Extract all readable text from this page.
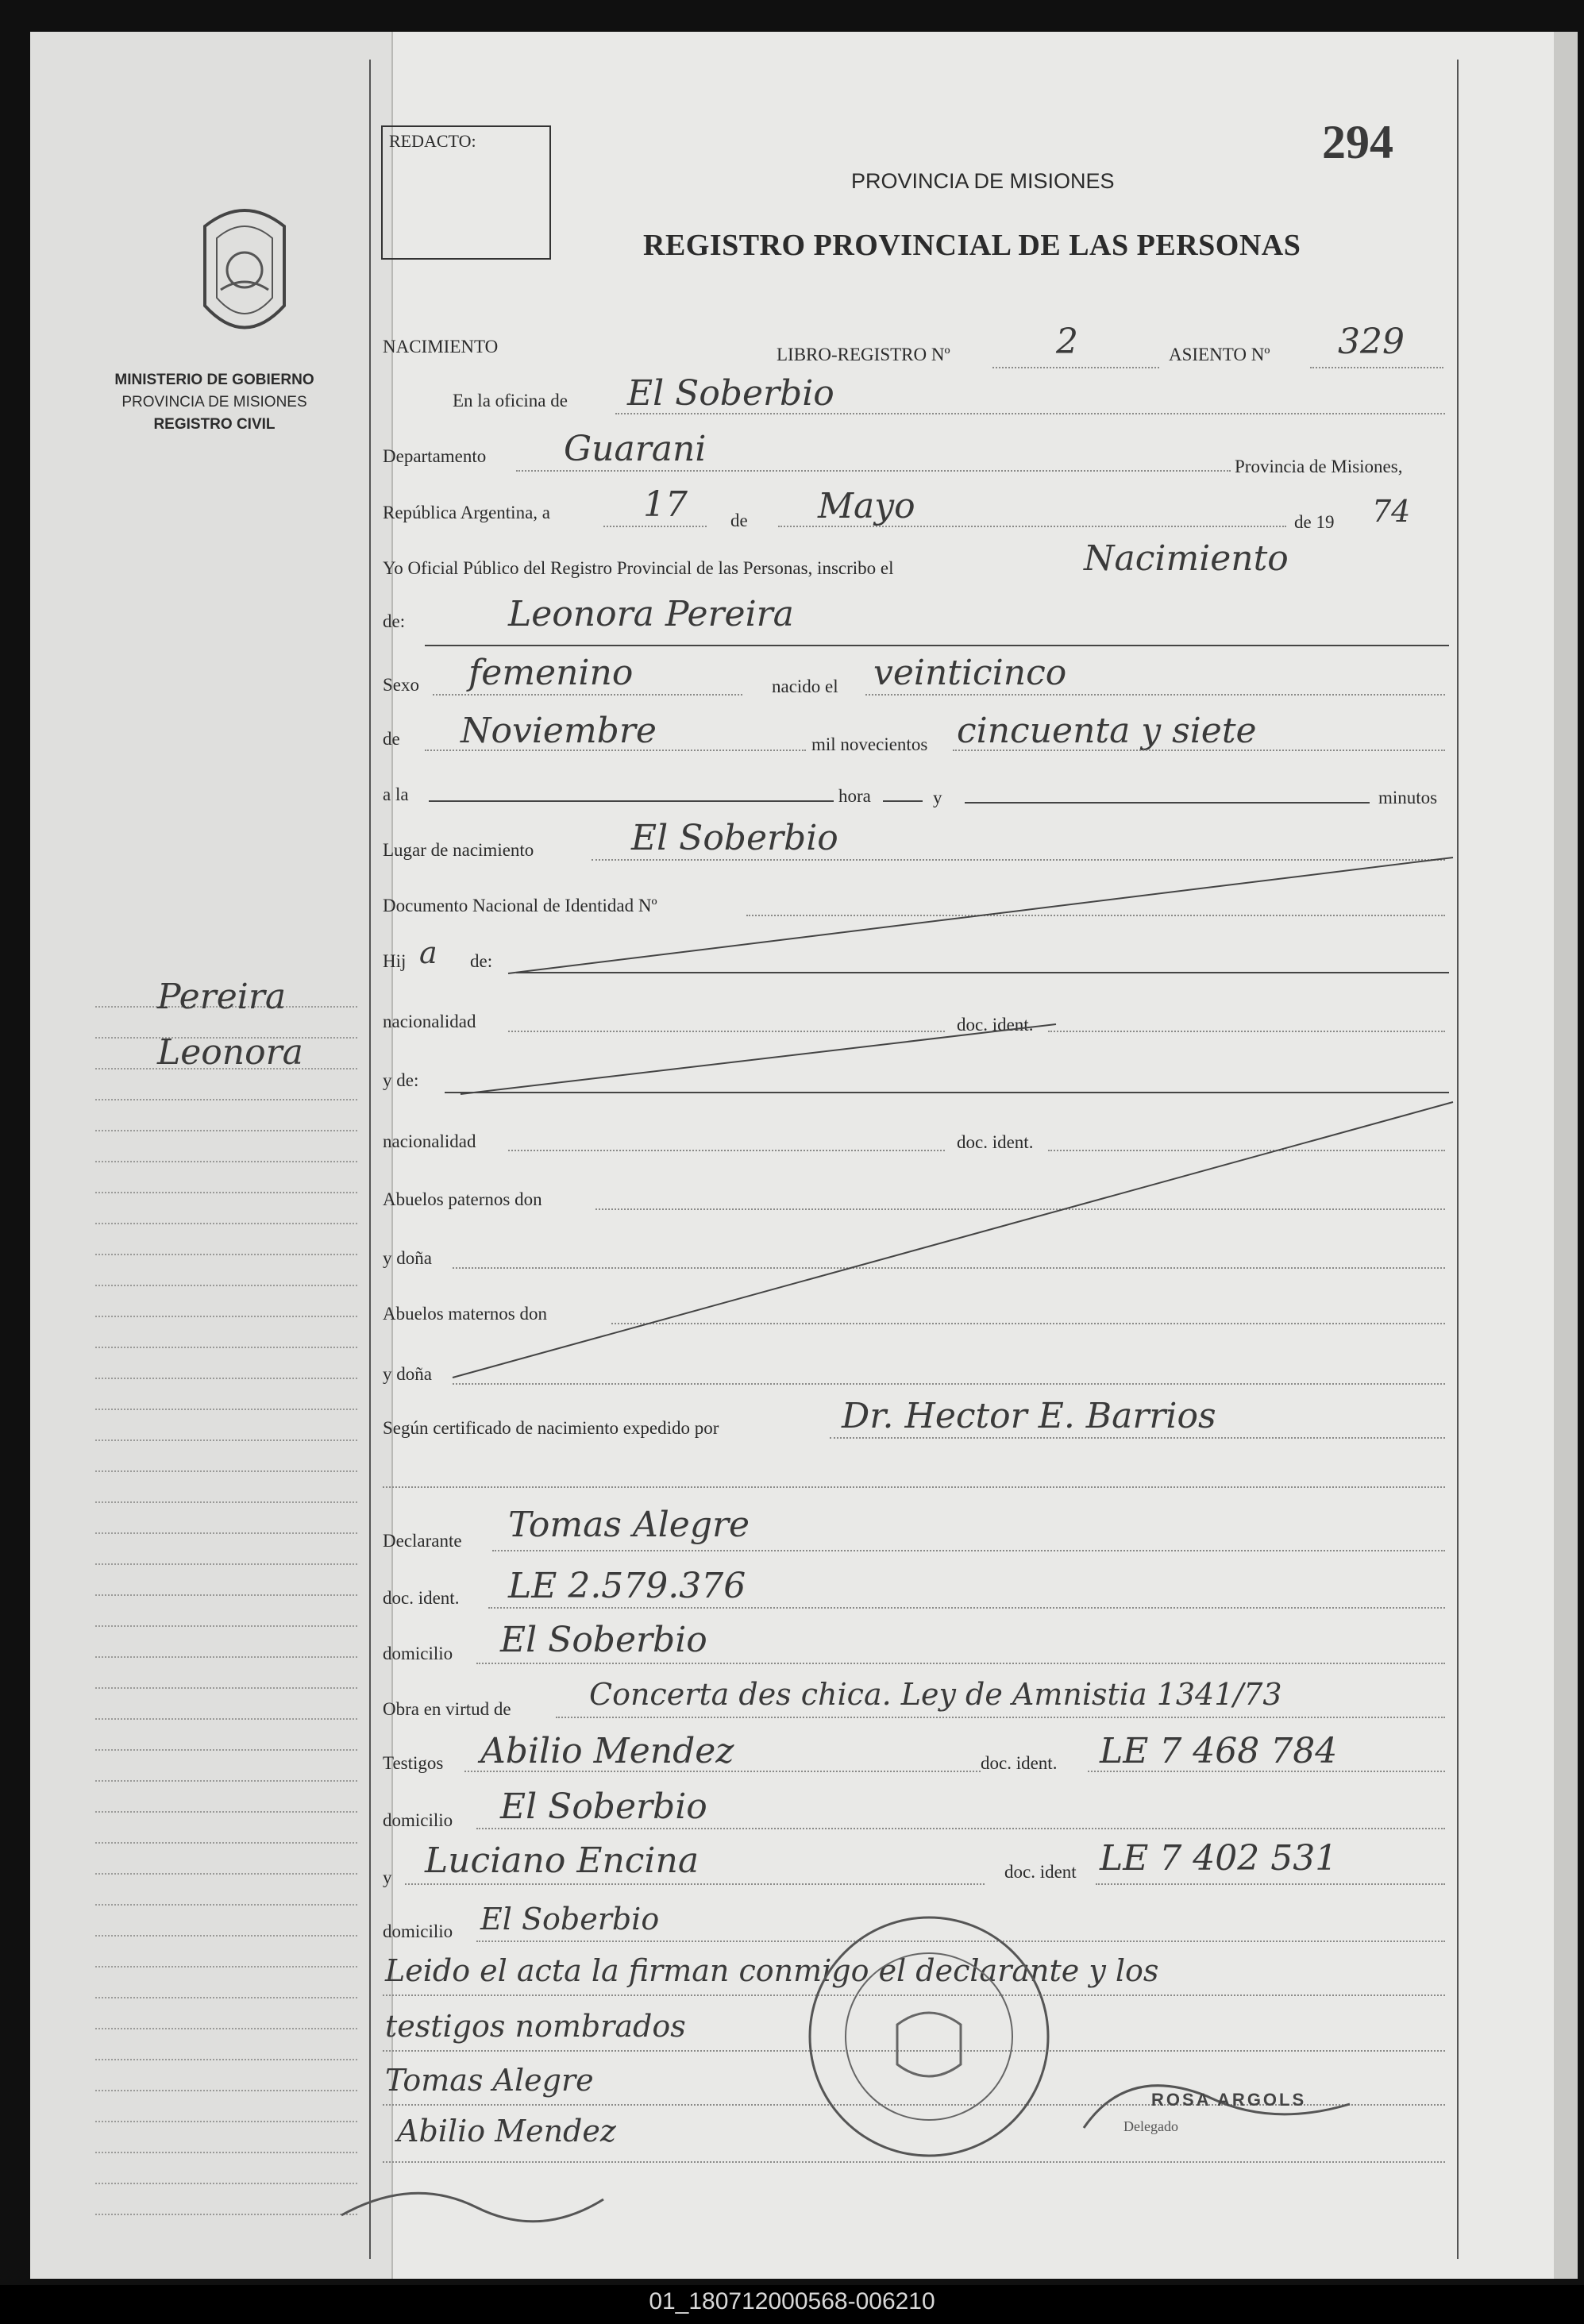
MINISTERIO DE GOBIERNO
PROVINCIA DE MISIONES
REGISTRO CIVIL
Pereira
Leonora
REDACTO:	294
PROVINCIA DE MISIONES
REGISTRO PROVINCIAL DE LAS PERSONAS
NACIMIENTO	LIBRO-REGISTRO Nº	2	ASIENTO Nº 329
En la oficina de El Soberbio
Departamento Guarani	Provincia de Misiones,
República Argentina, a	17 de Mayo	de 19 74
Yo Oficial Público del Registro Provincial de las Personas, inscribo el	Nacimiento
de:	Leonora Pereira
Sexo femenino	nacido el veinticinco
de Noviembre	mil novecientos cincuenta y siete
a la	hora	y	minutos
Lugar de nacimiento	El Soberbio
Documento Nacional de Identidad Nº
Hij a de:
nacionalidad	doc. ident.
y de:
nacionalidad	doc. ident.
Abuelos paternos don
y doña
Abuelos maternos don
y doña
Según certificado de nacimiento expedido por	Dr. Hector E. Barrios
Declarante Tomas Alegre
doc. ident. LE 2.579.376
domicilio El Soberbio
Obra en virtud de	Concerta des chica. Ley de Amnistia 1341/73
Testigos Abilio Mendez	doc. ident. LE 7 468 784
domicilio El Soberbio
y Luciano Encina	doc. ident LE 7 402 531
domicilio El Soberbio
Leido el acta la firman conmigo el declarante y los
testigos nombrados
Tomas Alegre
Abilio Mendez
ROSA ARGOLS
Delegado
01_180712000568-006210
